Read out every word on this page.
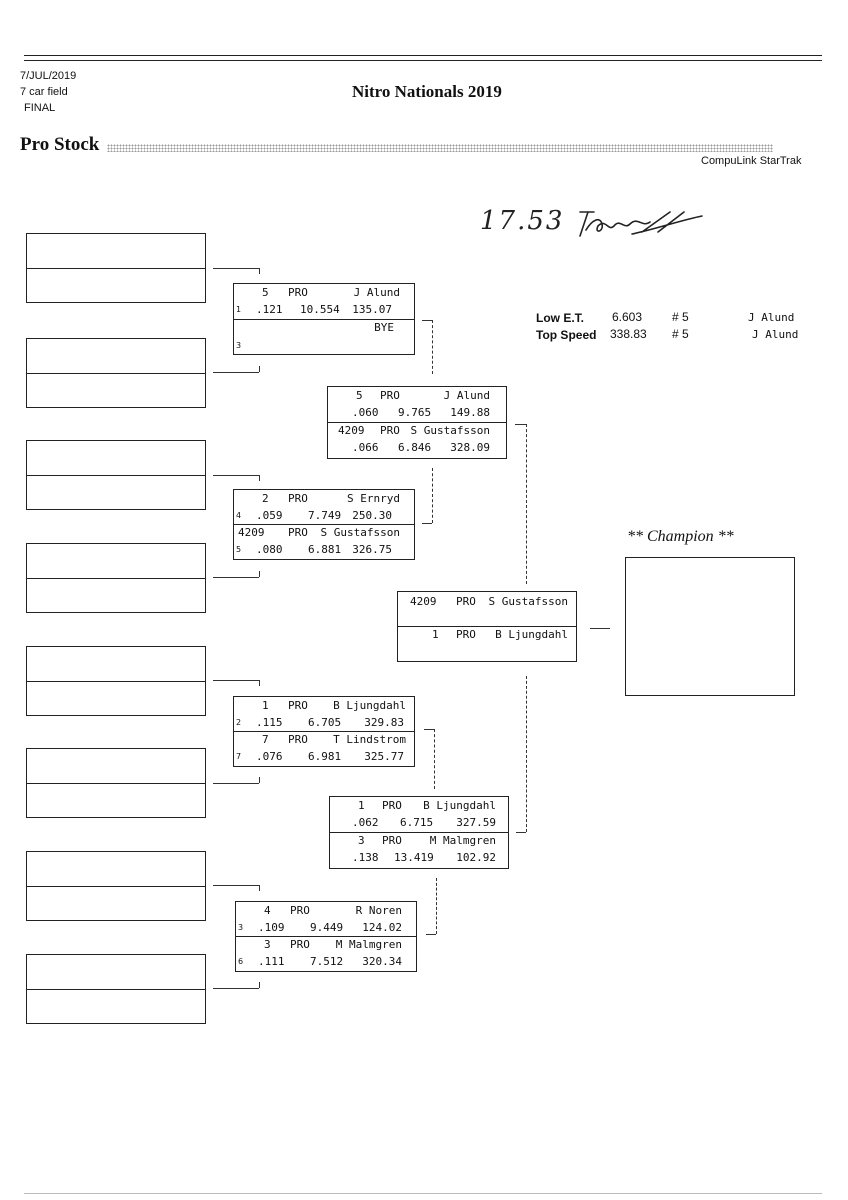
7/JUL/2019
7 car field
FINAL
Nitro Nationals 2019
Pro Stock
CompuLink StarTrak
17.53
Low E.T. 6.603 # 5	J Alund
Top Speed 338.83 # 5	J Alund
5 PRO	J Alund
1 .121 10.554 135.07
BYE
3
2 PRO	S Ernryd
4 .059 7.749 250.30
4209 PRO S Gustafsson
5 .080 6.881 326.75
1 PRO B Ljungdahl
2 .115 6.705 329.83
7 PRO T Lindstrom
7 .076 6.981 325.77
4 PRO	R Noren
3 .109 9.449 124.02
3 PRO M Malmgren
6 .111 7.512 320.34
5 PRO	J Alund
.060 9.765 149.88
4209 PRO S Gustafsson
.066 6.846 328.09
1 PRO B Ljungdahl
.062 6.715 327.59
3 PRO	M Malmgren
.138 13.419 102.92
4209 PRO S Gustafsson
1 PRO B Ljungdahl
** Champion **
